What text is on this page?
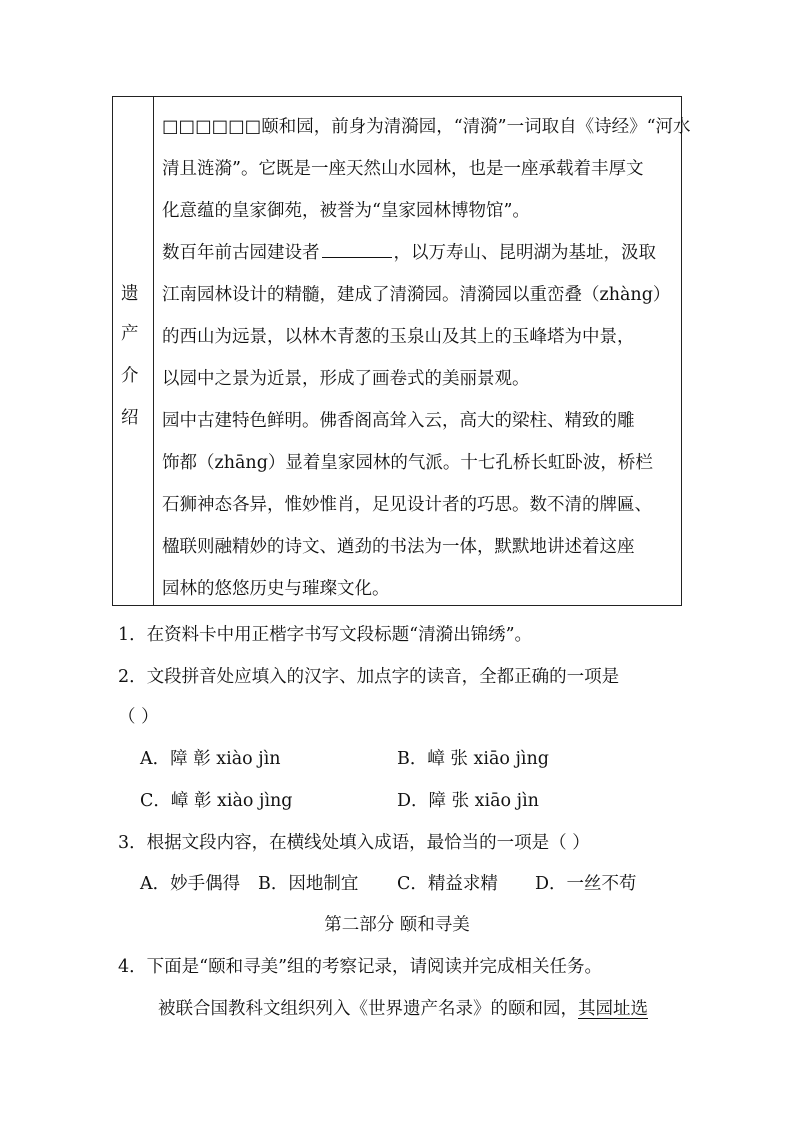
遗
产
介
绍
□□□□□□颐和园，前身为清漪园，“清漪”一词取自《诗经》“河水
清且涟漪”。它既是一座天然山水园林，也是一座承载着丰厚文
化意蕴的皇家御苑，被誉为“皇家园林博物馆”。
数百年前古园建设者	，以万寿山、昆明湖为基址，汲取
江南园林设计的精髓，建成了清漪园。清漪园以重峦叠（zhàng）
的西山为远景，以林木青葱的玉泉山及其上的玉峰塔为中景，
以园中之景为近景，形成了画卷式的美丽景观。
园中古建特色鲜明。佛香阁高耸入云，高大的梁柱、精致的雕
饰都（zhāng）显着皇家园林的气派。十七孔桥长虹卧波，桥栏
石狮神态各异，惟妙惟肖，足见设计者的巧思。数不清的牌匾、
楹联则融精妙的诗文、遒劲的书法为一体，默默地讲述着这座
园林的悠悠历史与璀璨文化。
1．在资料卡中用正楷字书写文段标题“清漪出锦绣”。
2．文段拼音处应填入的汉字、加点字的读音，全都正确的一项是
（ ）
A．障 彰 xiào jìn	B．嶂 张 xiāo jìng
C．嶂 彰 xiào jìng	D．障 张 xiāo jìn
3．根据文段内容，在横线处填入成语，最恰当的一项是（ ）
A．妙手偶得 B．因地制宜 C．精益求精 D．一丝不苟
第二部分 颐和寻美
4．下面是“颐和寻美”组的考察记录，请阅读并完成相关任务。
被联合国教科文组织列入《世界遗产名录》的颐和园，其园址选
